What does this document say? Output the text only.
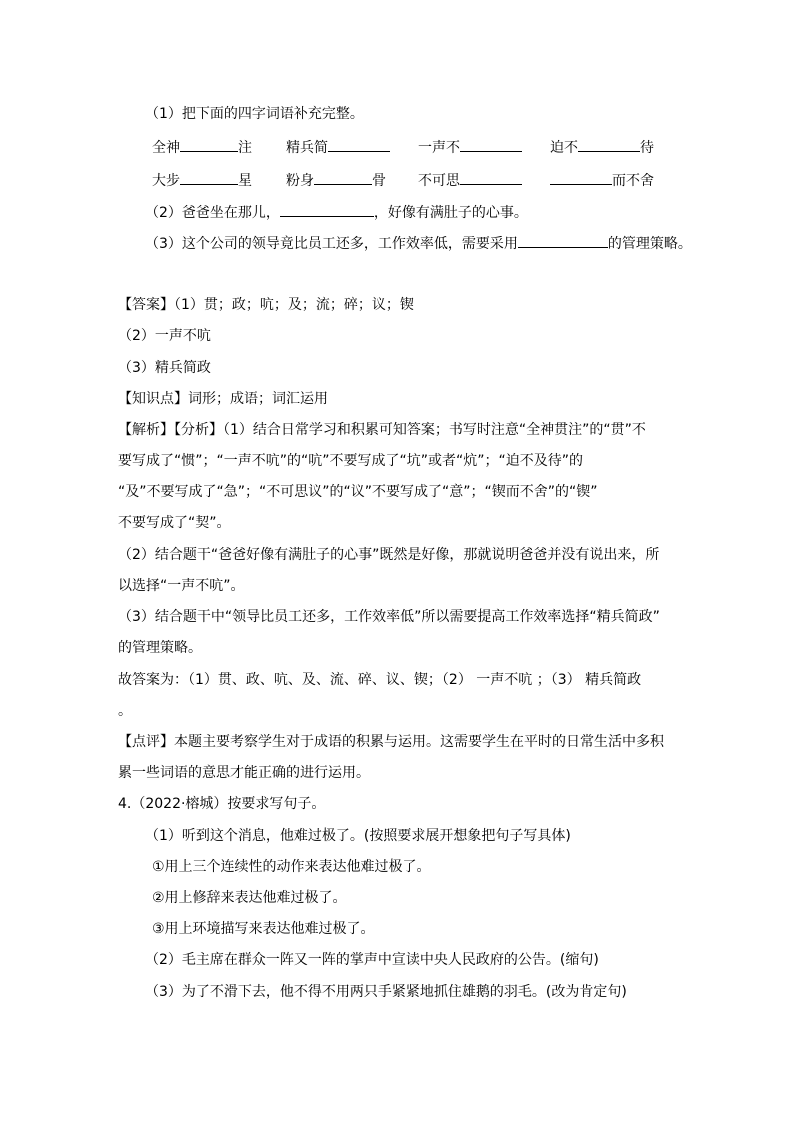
（1）把下面的四字词语补充完整。
全神	注 精兵简	一声不	迫不	待
大步	星 粉身	骨 不可思	而不舍
（2）爸爸坐在那儿，	，好像有满肚子的心事。
（3）这个公司的领导竟比员工还多，工作效率低，需要采用	的管理策略。
【答案】（1）贯；政；吭；及；流；碎；议；锲
（2）一声不吭
（3）精兵简政
【知识点】词形；成语；词汇运用
【解析】【分析】（1）结合日常学习和积累可知答案；书写时注意“全神贯注”的“贯”不
要写成了“惯”；“一声不吭”的“吭”不要写成了“坑”或者“炕”；“迫不及待”的
“及”不要写成了“急”；“不可思议”的“议”不要写成了“意”；“锲而不舍”的“锲”
不要写成了“契”。
（2）结合题干“爸爸好像有满肚子的心事”既然是好像，那就说明爸爸并没有说出来，所
以选择“一声不吭”。
（3）结合题干中“领导比员工还多，工作效率低”所以需要提高工作效率选择“精兵简政”
的管理策略。
故答案为：（1）贯、政、吭、及、流、碎、议、锲；（2） 一声不吭 ；（3） 精兵简政
。
【点评】本题主要考察学生对于成语的积累与运用。这需要学生在平时的日常生活中多积
累一些词语的意思才能正确的进行运用。
4.（2022·榕城）按要求写句子。
（1）听到这个消息，他难过极了。(按照要求展开想象把句子写具体)
①用上三个连续性的动作来表达他难过极了。
②用上修辞来表达他难过极了。
③用上环境描写来表达他难过极了。
（2）毛主席在群众一阵又一阵的掌声中宣读中央人民政府的公告。(缩句)
（3）为了不滑下去，他不得不用两只手紧紧地抓住雄鹅的羽毛。(改为肯定句)
